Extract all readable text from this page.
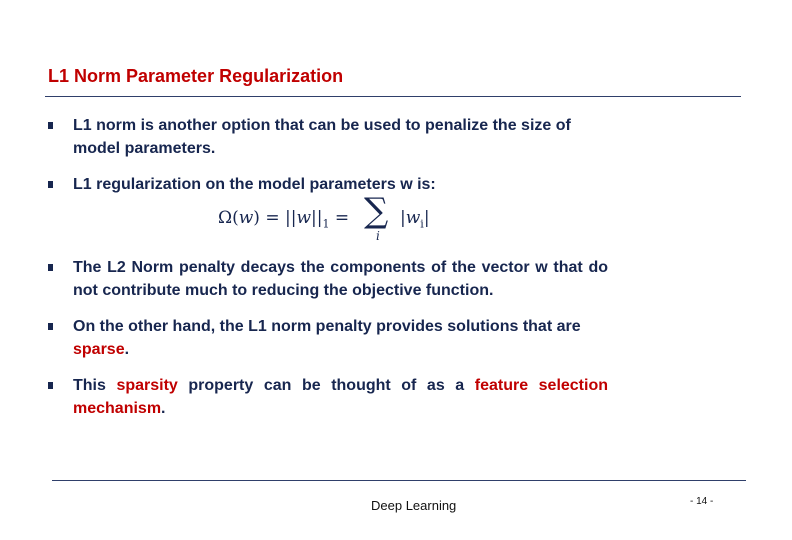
L1 Norm Parameter Regularization
L1 norm is another option that can be used to penalize the size of model parameters.
L1 regularization on the model parameters w is:
$\Omega(w) = ||w||_1$ = ∑
i
$|w_i|$
The L2 Norm penalty decays the components of the vector w that do not contribute much to reducing the objective function.
On the other hand, the L1 norm penalty provides solutions that are sparse.
This sparsity property can be thought of as a feature selection mechanism.
Deep Learning	- 14 -
